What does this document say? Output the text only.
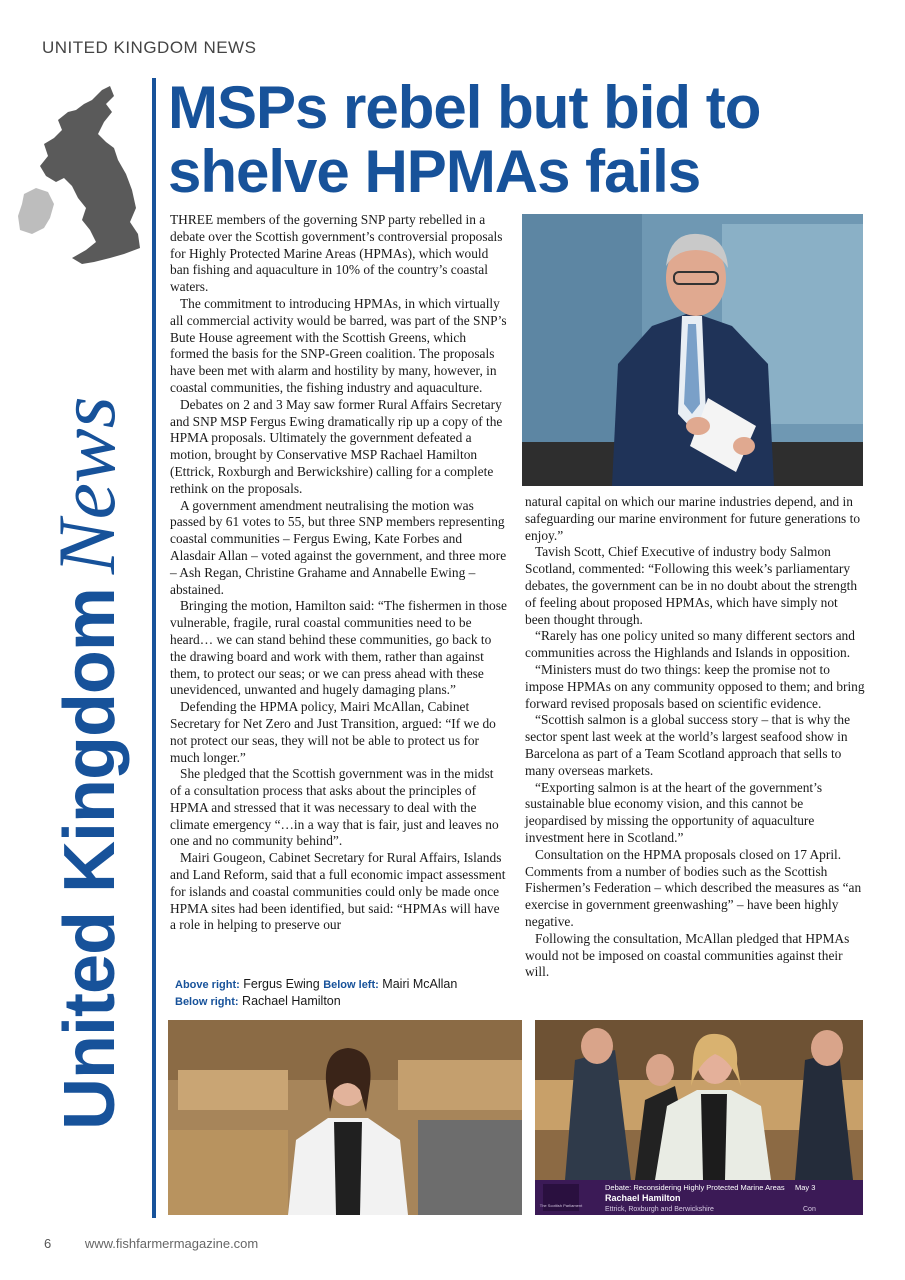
UNITED KINGDOM NEWS
United KingdomNews
MSPs rebel but bid to
shelve HPMAs fails

THREE members of the governing SNP party rebelled in a debate over the Scottish government’s controversial proposals for Highly Protected Marine Areas (HPMAs), which would ban fishing and aquaculture in 10% of the country’s coastal waters.

The commitment to introducing HPMAs, in which virtually all commercial activity would be barred, was part of the SNP’s Bute House agreement with the Scottish Greens, which formed the basis for the SNP-Green coalition. The proposals have been met with alarm and hostility by many, however, in coastal communities, the fishing industry and aquaculture.

Debates on 2 and 3 May saw former Rural Affairs Secretary and SNP MSP Fergus Ewing dramatically rip up a copy of the HPMA proposals. Ultimately the government defeated a motion, brought by Conservative MSP Rachael Hamilton (Ettrick, Roxburgh and Berwickshire) calling for a complete rethink on the proposals.

A government amendment neutralising the motion was passed by 61 votes to 55, but three SNP members representing coastal communities – Fergus Ewing, Kate Forbes and Alasdair Allan – voted against the government, and three more – Ash Regan, Christine Grahame and Annabelle Ewing – abstained.

Bringing the motion, Hamilton said: “The fishermen in those vulnerable, fragile, rural coastal communities need to be heard… we can stand behind these communities, go back to the drawing board and work with them, rather than against them, to protect our seas; or we can press ahead with these unevidenced, unwanted and hugely damaging plans.”

Defending the HPMA policy, Mairi McAllan, Cabinet Secretary for Net Zero and Just Transition, argued: “If we do not protect our seas, they will not be able to protect us for much longer.”

She pledged that the Scottish government was in the midst of a consultation process that asks about the principles of HPMA and stressed that it was necessary to deal with the climate emergency “…in a way that is fair, just and leaves no one and no community behind”.

Mairi Gougeon, Cabinet Secretary for Rural Affairs, Islands and Land Reform, said that a full economic impact assessment for islands and coastal communities could only be made once HPMA sites had been identified, but said: “HPMAs will have a role in helping to preserve our

natural capital on which our marine industries depend, and in safeguarding our marine environment for future generations to enjoy.”

Tavish Scott, Chief Executive of industry body Salmon Scotland, commented: “Following this week’s parliamentary debates, the government can be in no doubt about the strength of feeling about proposed HPMAs, which have simply not been thought through.

“Rarely has one policy united so many different sectors and communities across the Highlands and Islands in opposition.

“Ministers must do two things: keep the promise not to impose HPMAs on any community opposed to them; and bring forward revised proposals based on scientific evidence.

“Scottish salmon is a global success story – that is why the sector spent last week at the world’s largest seafood show in Barcelona as part of a Team Scotland approach that sells to many overseas markets.

“Exporting salmon is at the heart of the government’s sustainable blue economy vision, and this cannot be jeopardised by missing the opportunity of aquaculture investment here in Scotland.”

Consultation on the HPMA proposals closed on 17 April. Comments from a number of bodies such as the Scottish Fishermen’s Federation – which described the measures as “an exercise in government greenwashing” – have been highly negative.

Following the consultation, McAllan pledged that HPMAs would not be imposed on coastal communities against their will.

Above right: Fergus Ewing Below left: Mairi McAllan
Below right: Rachael Hamilton
The Scottish Parliament
Debate: Reconsidering Highly Protected Marine Areas May 3
Rachael Hamilton
Ettrick, Roxburgh and Berwickshire	Con
6	www.fishfarmermagazine.com
